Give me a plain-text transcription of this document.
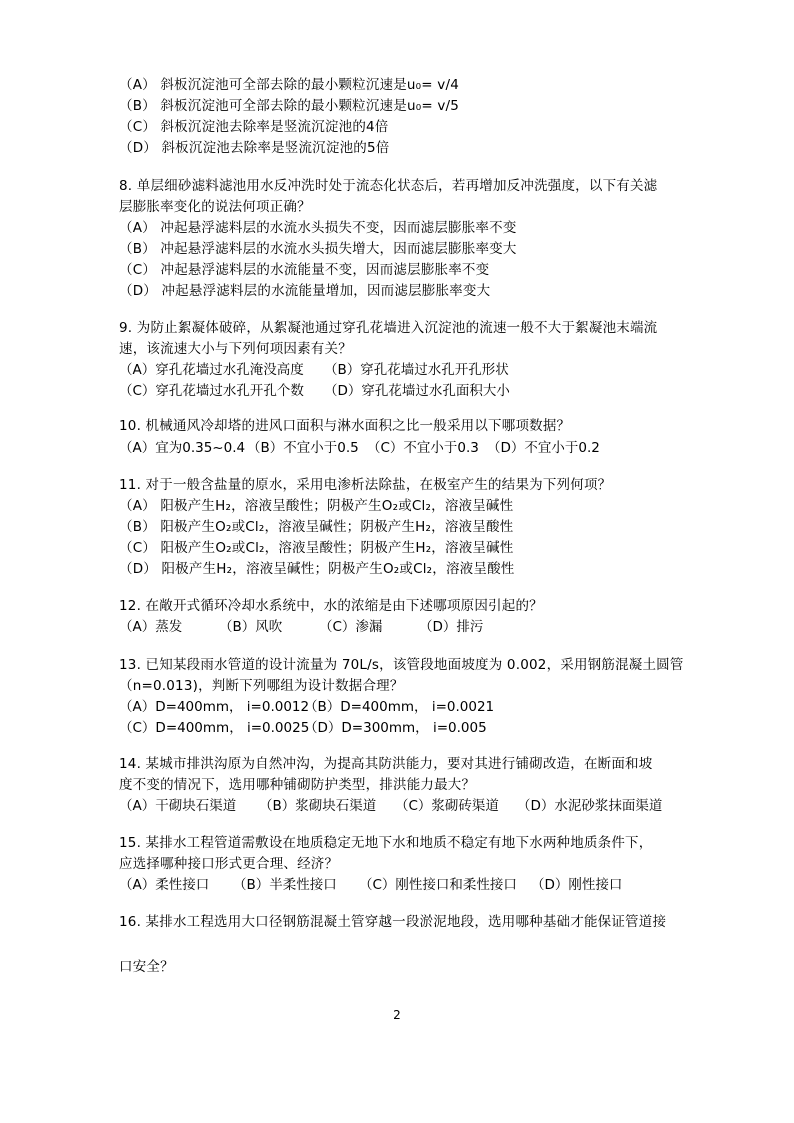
（A） 斜板沉淀池可全部去除的最小颗粒沉速是u₀= v/4
（B） 斜板沉淀池可全部去除的最小颗粒沉速是u₀= v/5
（C） 斜板沉淀池去除率是竖流沉淀池的4倍
（D） 斜板沉淀池去除率是竖流沉淀池的5倍
8. 单层细砂滤料滤池用水反冲洗时处于流态化状态后，若再增加反冲洗强度，以下有关滤
层膨胀率变化的说法何项正确？
（A） 冲起悬浮滤料层的水流水头损失不变，因而滤层膨胀率不变
（B） 冲起悬浮滤料层的水流水头损失增大，因而滤层膨胀率变大
（C） 冲起悬浮滤料层的水流能量不变，因而滤层膨胀率不变
（D） 冲起悬浮滤料层的水流能量增加，因而滤层膨胀率变大
9. 为防止絮凝体破碎，从絮凝池通过穿孔花墙进入沉淀池的流速一般不大于絮凝池末端流
速，该流速大小与下列何项因素有关？
（A）穿孔花墙过水孔淹没高度 （B）穿孔花墙过水孔开孔形状
（C）穿孔花墙过水孔开孔个数 （D）穿孔花墙过水孔面积大小
10. 机械通风冷却塔的进风口面积与淋水面积之比一般采用以下哪项数据？
（A）宜为0.35~0.4 （B）不宜小于0.5 （C）不宜小于0.3 （D）不宜小于0.2
11. 对于一般含盐量的原水，采用电渗析法除盐，在极室产生的结果为下列何项？
（A） 阳极产生H₂，溶液呈酸性；阴极产生O₂或Cl₂，溶液呈碱性
（B） 阳极产生O₂或Cl₂，溶液呈碱性；阴极产生H₂，溶液呈酸性
（C） 阳极产生O₂或Cl₂，溶液呈酸性；阴极产生H₂，溶液呈碱性
（D） 阳极产生H₂，溶液呈碱性；阴极产生O₂或Cl₂，溶液呈酸性
12. 在敞开式循环冷却水系统中，水的浓缩是由下述哪项原因引起的？
（A）蒸发	（B）风吹	（C）渗漏	（D）排污
13. 已知某段雨水管道的设计流量为 70L/s，该管段地面坡度为 0.002，采用钢筋混凝土圆管
（n=0.013)，判断下列哪组为设计数据合理？
（A）D=400mm， i=0.0012
（B）D=400mm， i=0.0021
（C）D=400mm， i=0.0025
（D）D=300mm， i=0.005
14. 某城市排洪沟原为自然冲沟，为提高其防洪能力，要对其进行铺砌改造，在断面和坡
度不变的情况下，选用哪种铺砌防护类型，排洪能力最大？
（A）干砌块石渠道 （B）浆砌块石渠道 （C）浆砌砖渠道 （D）水泥砂浆抹面渠道
15. 某排水工程管道需敷设在地质稳定无地下水和地质不稳定有地下水两种地质条件下，
应选择哪种接口形式更合理、经济？
（A）柔性接口 （B）半柔性接口 （C）刚性接口和柔性接口 （D）刚性接口
16. 某排水工程选用大口径钢筋混凝土管穿越一段淤泥地段，选用哪种基础才能保证管道接
口安全？
2
